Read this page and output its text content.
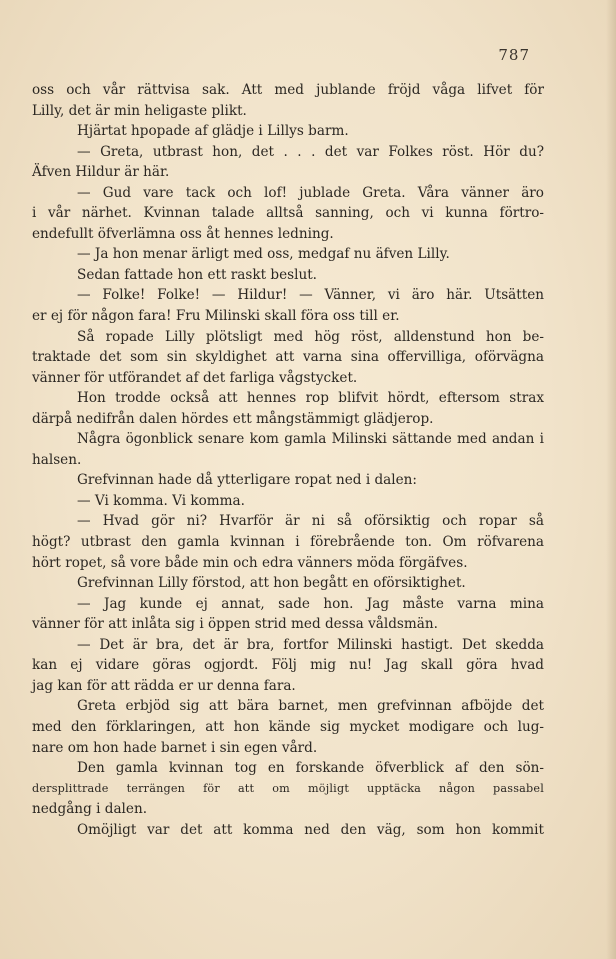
787
oss och vår rättvisa sak. Att med jublande fröjd våga lifvet för
Lilly, det är min heligaste plikt.
Hjärtat hpopade af glädje i Lillys barm.
— Greta, utbrast hon, det . . . det var Folkes röst. Hör du?
Äfven Hildur är här.
— Gud vare tack och lof! jublade Greta. Våra vänner äro
i vår närhet. Kvinnan talade alltså sanning, och vi kunna förtro-
endefullt öfverlämna oss åt hennes ledning.
— Ja hon menar ärligt med oss, medgaf nu äfven Lilly.
Sedan fattade hon ett raskt beslut.
— Folke! Folke! — Hildur! — Vänner, vi äro här. Utsätten
er ej för någon fara! Fru Milinski skall föra oss till er.
Så ropade Lilly plötsligt med hög röst, alldenstund hon be-
traktade det som sin skyldighet att varna sina offervilliga, oförvägna
vänner för utförandet af det farliga vågstycket.
Hon trodde också att hennes rop blifvit hördt, eftersom strax
därpå nedifrån dalen hördes ett mångstämmigt glädjerop.
Några ögonblick senare kom gamla Milinski sättande med andan i
halsen.
Grefvinnan hade då ytterligare ropat ned i dalen:
— Vi komma. Vi komma.
— Hvad gör ni? Hvarför är ni så oförsiktig och ropar så
högt? utbrast den gamla kvinnan i förebrående ton. Om röfvarena
hört ropet, så vore både min och edra vänners möda förgäfves.
Grefvinnan Lilly förstod, att hon begått en oförsiktighet.
— Jag kunde ej annat, sade hon. Jag måste varna mina
vänner för att inlåta sig i öppen strid med dessa våldsmän.
— Det är bra, det är bra, fortfor Milinski hastigt. Det skedda
kan ej vidare göras ogjordt. Följ mig nu! Jag skall göra hvad
jag kan för att rädda er ur denna fara.
Greta erbjöd sig att bära barnet, men grefvinnan afböjde det
med den förklaringen, att hon kände sig mycket modigare och lug-
nare om hon hade barnet i sin egen vård.
Den gamla kvinnan tog en forskande öfverblick af den sön-
dersplittrade terrängen för att om möjligt upptäcka någon passabel
nedgång i dalen.
Omöjligt var det att komma ned den väg, som hon kommit
